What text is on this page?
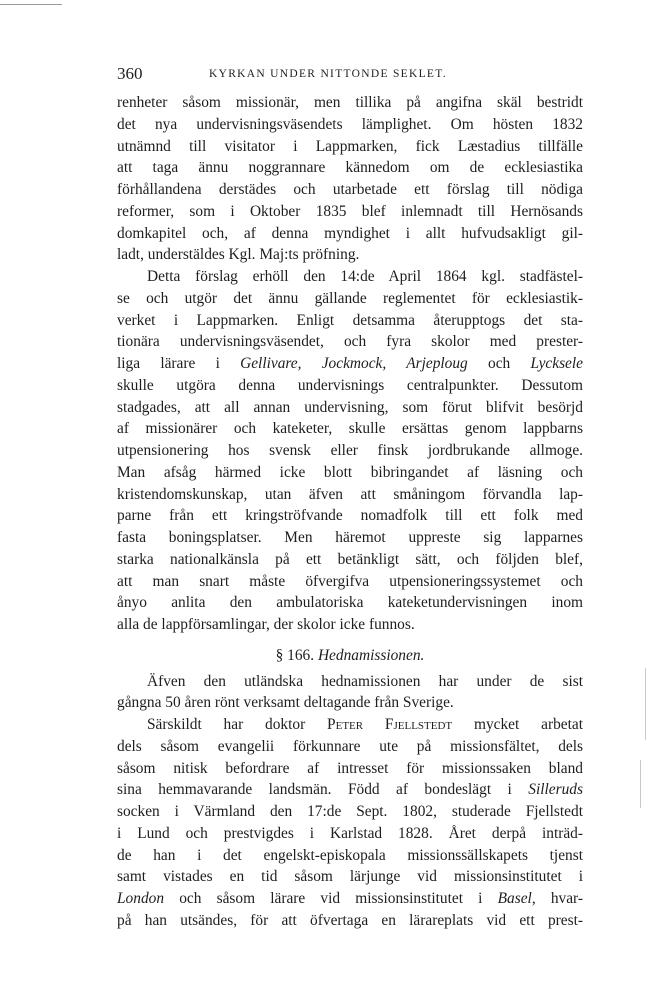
360	KYRKAN UNDER NITTONDE SEKLET.

renheter såsom missionär, men tillika på angifna skäl bestridt

det nya undervisningsväsendets lämplighet. Om hösten 1832

utnämnd till visitator i Lappmarken, fick Læstadius tillfälle

att taga ännu noggrannare kännedom om de ecklesiastika

förhållandena derstädes och utarbetade ett förslag till nödiga

reformer, som i Oktober 1835 blef inlemnadt till Hernösands

domkapitel och, af denna myndighet i allt hufvudsakligt gil-

ladt, understäldes Kgl. Maj:ts pröfning.

Detta förslag erhöll den 14:de April 1864 kgl. stadfästel-

se och utgör det ännu gällande reglementet för ecklesiastik-

verket i Lappmarken. Enligt detsamma återupptogs det sta-

tionära undervisningsväsendet, och fyra skolor med prester-

liga lärare i Gellivare, Jockmock, Arjeploug och Lycksele

skulle utgöra denna undervisnings centralpunkter. Dessutom

stadgades, att all annan undervisning, som förut blifvit besörjd

af missionärer och kateketer, skulle ersättas genom lappbarns

utpensionering hos svensk eller finsk jordbrukande allmoge.

Man afsåg härmed icke blott bibringandet af läsning och

kristendomskunskap, utan äfven att småningom förvandla lap-

parne från ett kringströfvande nomadfolk till ett folk med

fasta boningsplatser. Men häremot uppreste sig lapparnes

starka nationalkänsla på ett betänkligt sätt, och följden blef,

att man snart måste öfvergifva utpensioneringssystemet och

ånyo anlita den ambulatoriska kateketundervisningen inom

alla de lappförsamlingar, der skolor icke funnos.

§ 166. Hednamissionen.

Äfven den utländska hednamissionen har under de sist

gångna 50 åren rönt verksamt deltagande från Sverige.

Särskildt har doktor Peter Fjellstedt mycket arbetat

dels såsom evangelii förkunnare ute på missionsfältet, dels

såsom nitisk befordrare af intresset för missionssaken bland

sina hemmavarande landsmän. Född af bondeslägt i Silleruds

socken i Värmland den 17:de Sept. 1802, studerade Fjellstedt

i Lund och prestvigdes i Karlstad 1828. Året derpå inträd-

de han i det engelskt-episkopala missionssällskapets tjenst

samt vistades en tid såsom lärjunge vid missionsinstitutet i

London och såsom lärare vid missionsinstitutet i Basel, hvar-

på han utsändes, för att öfvertaga en lärareplats vid ett prest-
